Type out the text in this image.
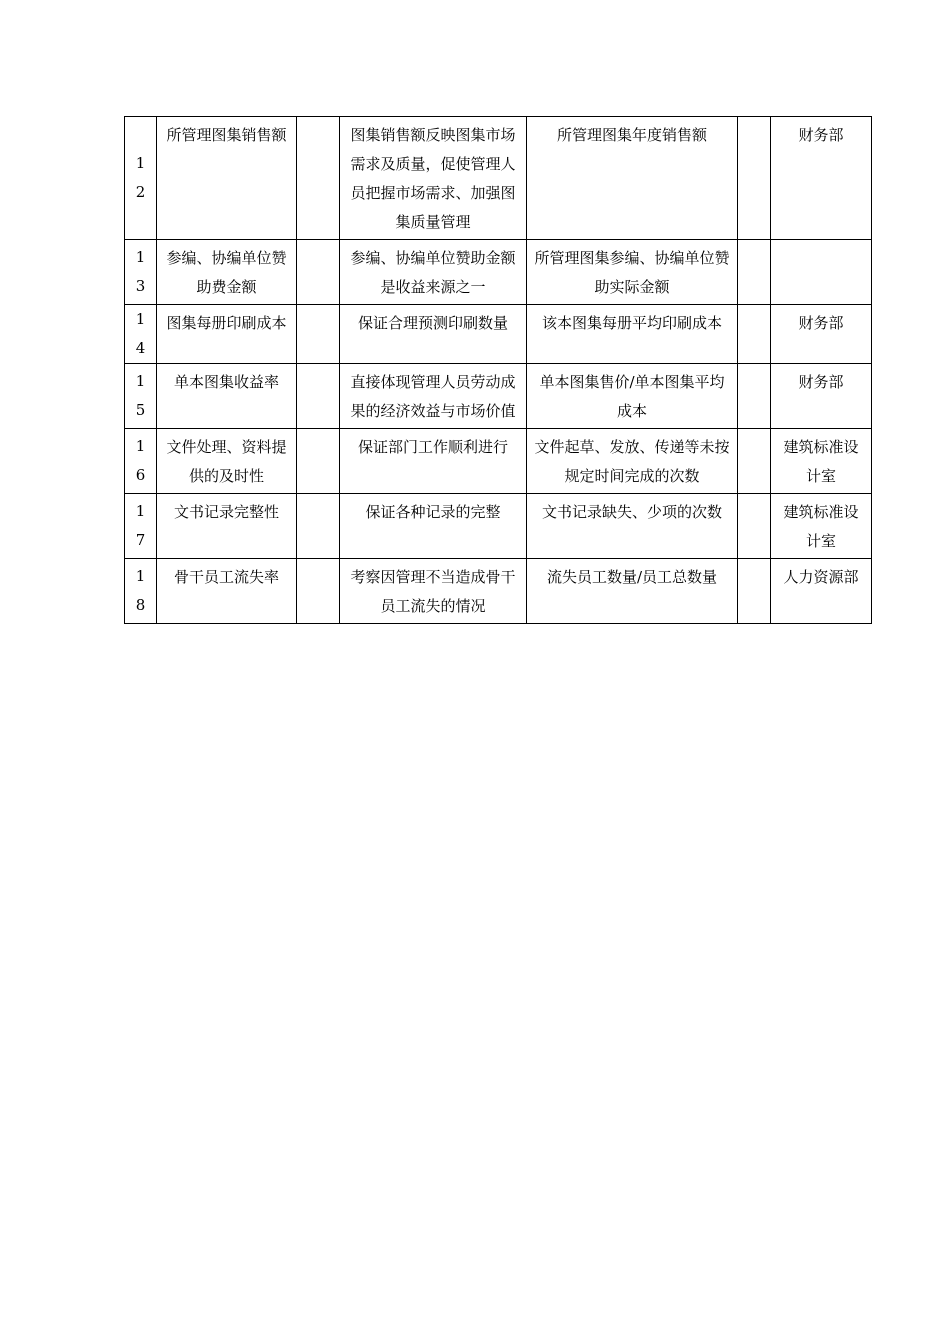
12	所管理图集销售额		图集销售额反映图集市场需求及质量，促使管理人员把握市场需求、加强图集质量管理	所管理图集年度销售额		财务部
13	参编、协编单位赞助费金额		参编、协编单位赞助金额是收益来源之一	所管理图集参编、协编单位赞助实际金额		
14	图集每册印刷成本		保证合理预测印刷数量	该本图集每册平均印刷成本		财务部
15	单本图集收益率		直接体现管理人员劳动成果的经济效益与市场价值	单本图集售价/单本图集平均成本		财务部
16	文件处理、资料提供的及时性		保证部门工作顺利进行	文件起草、发放、传递等未按规定时间完成的次数		建筑标准设计室
17	文书记录完整性		保证各种记录的完整	文书记录缺失、少项的次数		建筑标准设计室
18	骨干员工流失率		考察因管理不当造成骨干员工流失的情况	流失员工数量/员工总数量		人力资源部
